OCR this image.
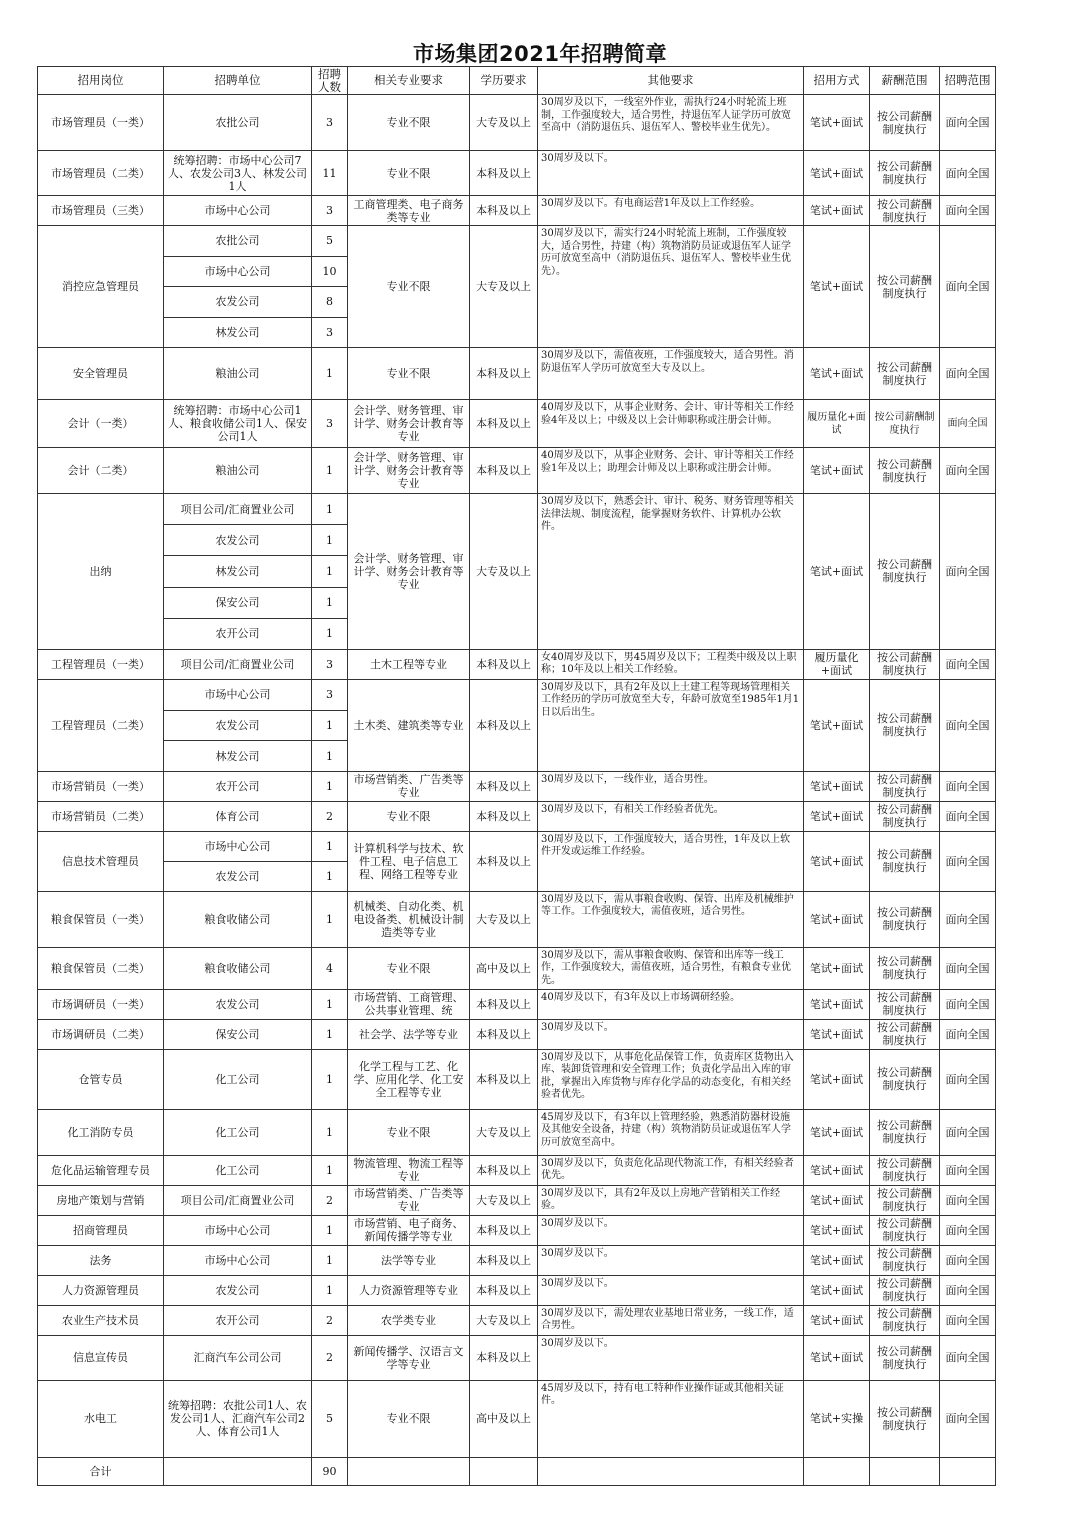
市场集团2021年招聘简章
招用岗位	招聘单位	招聘人数	相关专业要求	学历要求	其他要求	招用方式	薪酬范围	招聘范围
市场管理员（一类）	农批公司	3	专业不限	大专及以上	30周岁及以下，一线室外作业，需执行24小时轮流上班制，工作强度较大，适合男性，持退伍军人证学历可放宽至高中（消防退伍兵、退伍军人、警校毕业生优先）。	笔试+面试	按公司薪酬制度执行	面向全国
市场管理员（二类）	统筹招聘：市场中心公司7人、农发公司3人、林发公司1人	11	专业不限	本科及以上	30周岁及以下。	笔试+面试	按公司薪酬制度执行	面向全国
市场管理员（三类）	市场中心公司	3	工商管理类、电子商务类等专业	本科及以上	30周岁及以下。有电商运营1年及以上工作经验。	笔试+面试	按公司薪酬制度执行	面向全国
消控应急管理员	农批公司	5	专业不限	大专及以上	30周岁及以下，需实行24小时轮流上班制，工作强度较大，适合男性，持建（构）筑物消防员证或退伍军人证学历可放宽至高中（消防退伍兵、退伍军人、警校毕业生优先）。	笔试+面试	按公司薪酬制度执行	面向全国
	市场中心公司	10						
	农发公司	8						
	林发公司	3						
安全管理员	粮油公司	1	专业不限	本科及以上	30周岁及以下，需值夜班，工作强度较大，适合男性。消防退伍军人学历可放宽至大专及以上。	笔试+面试	按公司薪酬制度执行	面向全国
会计（一类）	统筹招聘：市场中心公司1人、粮食收储公司1人、保安公司1人	3	会计学、财务管理、审计学、财务会计教育等专业	本科及以上	40周岁及以下，从事企业财务、会计、审计等相关工作经验4年及以上；中级及以上会计师职称或注册会计师。	履历量化+面试	按公司薪酬制度执行	面向全国
会计（二类）	粮油公司	1	会计学、财务管理、审计学、财务会计教育等专业	本科及以上	40周岁及以下，从事企业财务、会计、审计等相关工作经验1年及以上；助理会计师及以上职称或注册会计师。	笔试+面试	按公司薪酬制度执行	面向全国
出纳	项目公司/汇商置业公司	1	会计学、财务管理、审计学、财务会计教育等专业	大专及以上	30周岁及以下，熟悉会计、审计、税务、财务管理等相关法律法规、制度流程，能掌握财务软件、计算机办公软件。	笔试+面试	按公司薪酬制度执行	面向全国
	农发公司	1						
	林发公司	1						
	保安公司	1						
	农开公司	1						
工程管理员（一类）	项目公司/汇商置业公司	3	土木工程等专业	本科及以上	女40周岁及以下，男45周岁及以下；工程类中级及以上职称；10年及以上相关工作经验。	履历量化+面试	按公司薪酬制度执行	面向全国
工程管理员（二类）	市场中心公司	3	土木类、建筑类等专业	本科及以上	30周岁及以下，具有2年及以上土建工程等现场管理相关工作经历的学历可放宽至大专，年龄可放宽至1985年1月1日以后出生。	笔试+面试	按公司薪酬制度执行	面向全国
	农发公司	1						
	林发公司	1						
市场营销员（一类）	农开公司	1	市场营销类、广告类等专业	本科及以上	30周岁及以下，一线作业，适合男性。	笔试+面试	按公司薪酬制度执行	面向全国
市场营销员（二类）	体育公司	2	专业不限	本科及以上	30周岁及以下，有相关工作经验者优先。	笔试+面试	按公司薪酬制度执行	面向全国
信息技术管理员	市场中心公司	1	计算机科学与技术、软件工程、电子信息工程、网络工程等专业	本科及以上	30周岁及以下，工作强度较大，适合男性，1年及以上软件开发或运维工作经验。	笔试+面试	按公司薪酬制度执行	面向全国
	农发公司	1						
粮食保管员（一类）	粮食收储公司	1	机械类、自动化类、机电设备类、机械设计制造类等专业	大专及以上	30周岁及以下，需从事粮食收购、保管、出库及机械维护等工作。工作强度较大，需值夜班，适合男性。	笔试+面试	按公司薪酬制度执行	面向全国
粮食保管员（二类）	粮食收储公司	4	专业不限	高中及以上	30周岁及以下，需从事粮食收购、保管和出库等一线工作，工作强度较大，需值夜班，适合男性，有粮食专业优先。	笔试+面试	按公司薪酬制度执行	面向全国
市场调研员（一类）	农发公司	1	市场营销、工商管理、公共事业管理、统	本科及以上	40周岁及以下，有3年及以上市场调研经验。	笔试+面试	按公司薪酬制度执行	面向全国
市场调研员（二类）	保安公司	1	社会学、法学等专业	本科及以上	30周岁及以下。	笔试+面试	按公司薪酬制度执行	面向全国
仓管专员	化工公司	1	化学工程与工艺、化学、应用化学、化工安全工程等专业	本科及以上	30周岁及以下，从事危化品保管工作，负责库区货物出入库、装卸货管理和安全管理工作；负责化学品出入库的审批，掌握出入库货物与库存化学品的动态变化，有相关经验者优先。	笔试+面试	按公司薪酬制度执行	面向全国
化工消防专员	化工公司	1	专业不限	大专及以上	45周岁及以下，有3年以上管理经验，熟悉消防器材设施及其他安全设备，持建（构）筑物消防员证或退伍军人学历可放宽至高中。	笔试+面试	按公司薪酬制度执行	面向全国
危化品运输管理专员	化工公司	1	物流管理、物流工程等专业	本科及以上	30周岁及以下，负责危化品现代物流工作，有相关经验者优先。	笔试+面试	按公司薪酬制度执行	面向全国
房地产策划与营销	项目公司/汇商置业公司	2	市场营销类、广告类等专业	大专及以上	30周岁及以下，具有2年及以上房地产营销相关工作经验。	笔试+面试	按公司薪酬制度执行	面向全国
招商管理员	市场中心公司	1	市场营销、电子商务、新闻传播学等专业	本科及以上	30周岁及以下。	笔试+面试	按公司薪酬制度执行	面向全国
法务	市场中心公司	1	法学等专业	本科及以上	30周岁及以下。	笔试+面试	按公司薪酬制度执行	面向全国
人力资源管理员	农发公司	1	人力资源管理等专业	本科及以上	30周岁及以下。	笔试+面试	按公司薪酬制度执行	面向全国
农业生产技术员	农开公司	2	农学类专业	大专及以上	30周岁及以下，需处理农业基地日常业务，一线工作，适合男性。	笔试+面试	按公司薪酬制度执行	面向全国
信息宣传员	汇商汽车公司公司	2	新闻传播学、汉语言文学等专业	本科及以上	30周岁及以下。	笔试+面试	按公司薪酬制度执行	面向全国
水电工	统筹招聘：农批公司1人、农发公司1人、汇商汽车公司2人、体育公司1人	5	专业不限	高中及以上	45周岁及以下，持有电工特种作业操作证或其他相关证件。	笔试+实操	按公司薪酬制度执行	面向全国
合计		90						
